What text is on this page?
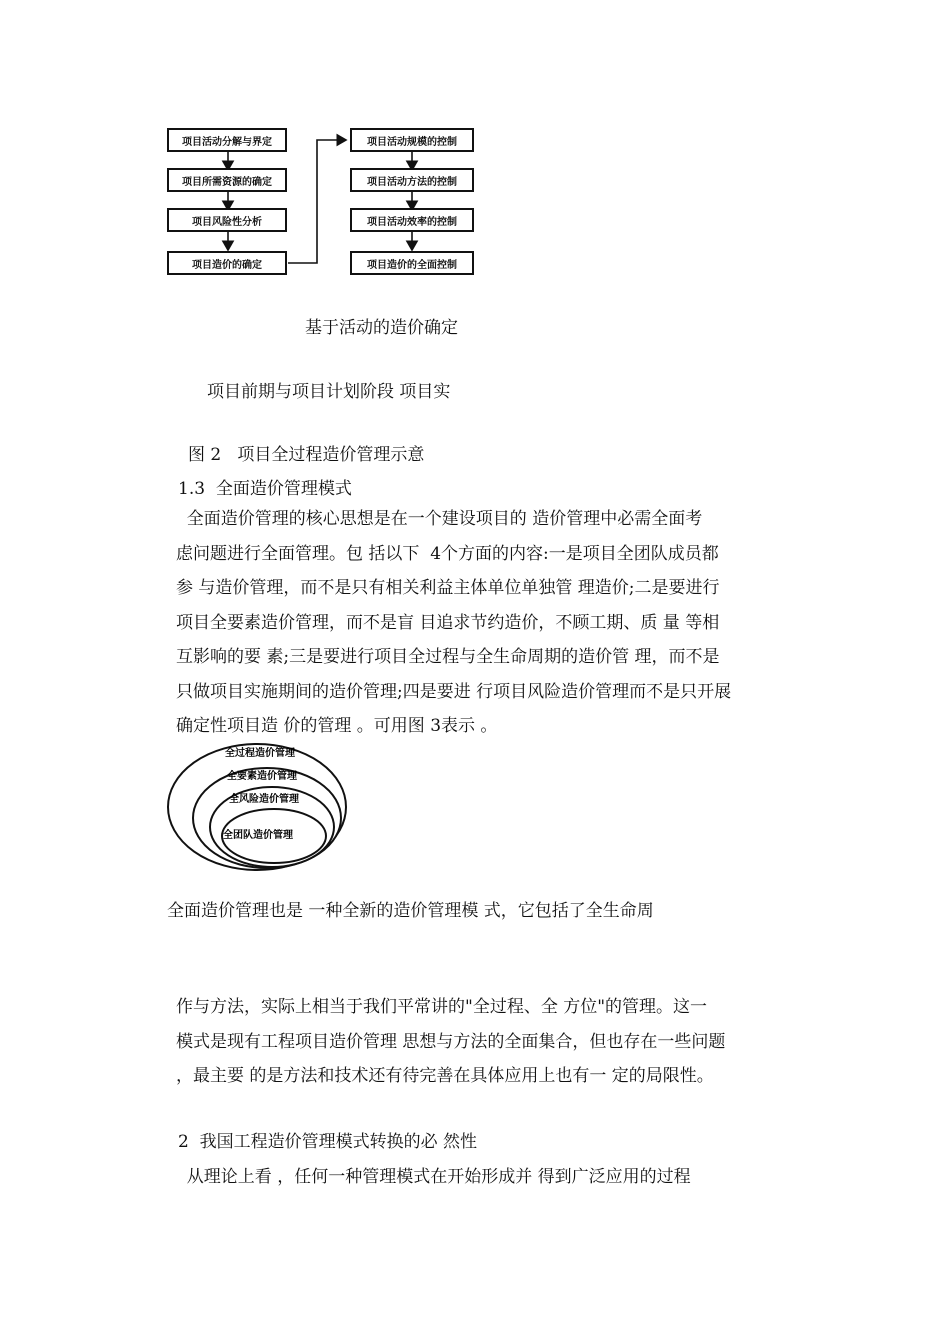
项目活动分解与界定
项目所需资源的确定
项目风险性分析
项目造价的确定
项目活动规模的控制
项目活动方法的控制
项目活动效率的控制
项目造价的全面控制
基于活动的造价确定
项目前期与项目计划阶段 项目实
图 2   项目全过程造价管理示意
1.3  全面造价管理模式
全面造价管理的核心思想是在一个建设项目的 造价管理中必需全面考
虑问题进行全面管理。包 括以下  4个方面的内容:一是项目全团队成员都
参 与造价管理，而不是只有相关利益主体单位单独管 理造价;二是要进行
项目全要素造价管理，而不是盲 目追求节约造价，不顾工期、质 量 等相
互影响的要 素;三是要进行项目全过程与全生命周期的造价管 理，而不是
只做项目实施期间的造价管理;四是要进 行项目风险造价管理而不是只开展
确定性项目造 价的管理 。可用图 3表示 。
全过程造价管理
全要素造价管理
全风险造价管理
全团队造价管理
全面造价管理也是 一种全新的造价管理模 式，它包括了全生命周
作与方法，实际上相当于我们平常讲的"全过程、全 方位"的管理。这一
模式是现有工程项目造价管理 思想与方法的全面集合，但也存在一些问题
，最主要 的是方法和技术还有待完善在具体应用上也有一 定的局限性。
2  我国工程造价管理模式转换的必 然性
从理论上看 ，任何一种管理模式在开始形成并 得到广泛应用的过程
